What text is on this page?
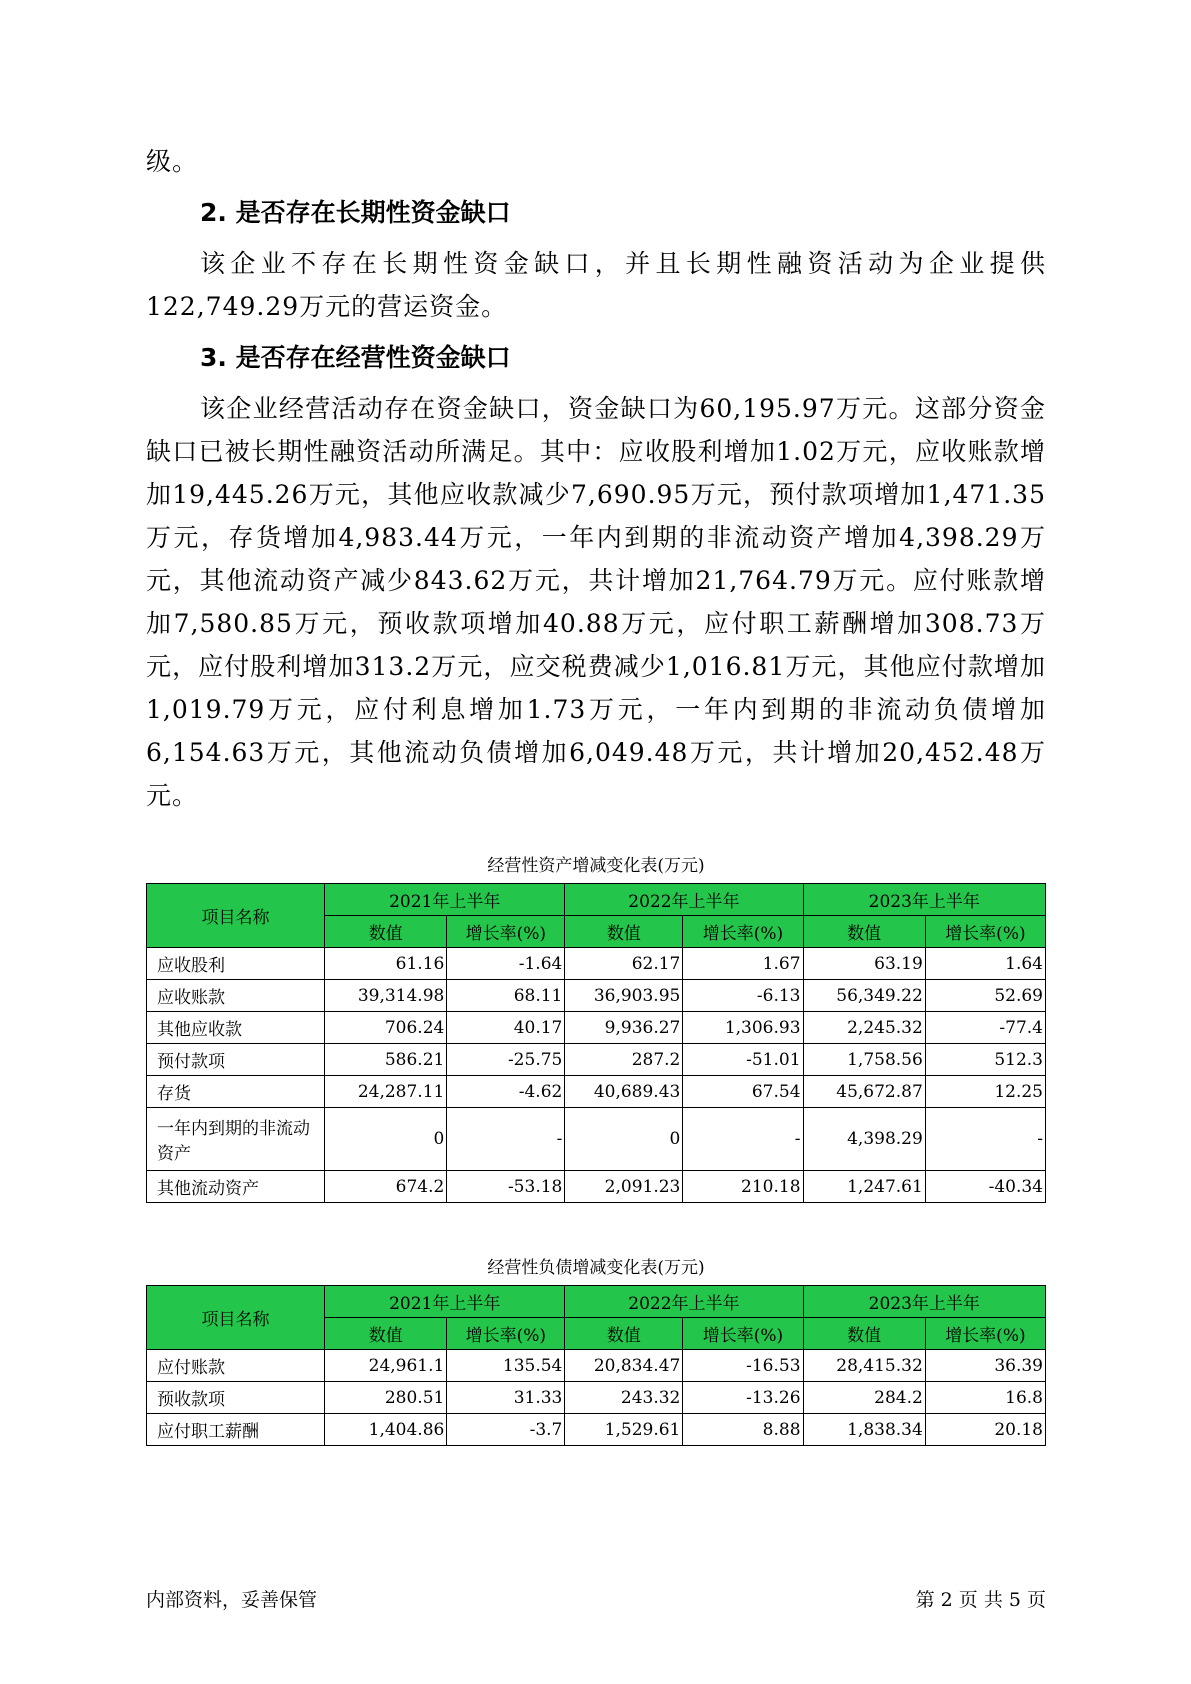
级。

2. 是否存在长期性资金缺口

该企业不存在长期性资金缺口，并且长期性融资活动为企业提供122,749.29万元的营运资金。

3. 是否存在经营性资金缺口

该企业经营活动存在资金缺口，资金缺口为60,195.97万元。这部分资金缺口已被长期性融资活动所满足。其中：应收股利增加1.02万元，应收账款增加19,445.26万元，其他应收款减少7,690.95万元，预付款项增加1,471.35万元，存货增加4,983.44万元，一年内到期的非流动资产增加4,398.29万元，其他流动资产减少843.62万元，共计增加21,764.79万元。应付账款增加7,580.85万元，预收款项增加40.88万元，应付职工薪酬增加308.73万元，应付股利增加313.2万元，应交税费减少1,016.81万元，其他应付款增加1,019.79万元，应付利息增加1.73万元，一年内到期的非流动负债增加6,154.63万元，其他流动负债增加6,049.48万元，共计增加20,452.48万元。

经营性资产增减变化表(万元)
项目名称	2021年上半年		2022年上半年		2023年上半年	
	数值	增长率(%)	数值	增长率(%)	数值	增长率(%)
应收股利	61.16	-1.64	62.17	1.67	63.19	1.64
应收账款	39,314.98	68.11	36,903.95	-6.13	56,349.22	52.69
其他应收款	706.24	40.17	9,936.27	1,306.93	2,245.32	-77.4
预付款项	586.21	-25.75	287.2	-51.01	1,758.56	512.3
存货	24,287.11	-4.62	40,689.43	67.54	45,672.87	12.25
一年内到期的非流动资产	0	-	0	-	4,398.29	-
其他流动资产	674.2	-53.18	2,091.23	210.18	1,247.61	-40.34
经营性负债增减变化表(万元)
项目名称	2021年上半年		2022年上半年		2023年上半年	
	数值	增长率(%)	数值	增长率(%)	数值	增长率(%)
应付账款	24,961.1	135.54	20,834.47	-16.53	28,415.32	36.39
预收款项	280.51	31.33	243.32	-13.26	284.2	16.8
应付职工薪酬	1,404.86	-3.7	1,529.61	8.88	1,838.34	20.18
内部资料，妥善保管	第 2 页 共 5 页
